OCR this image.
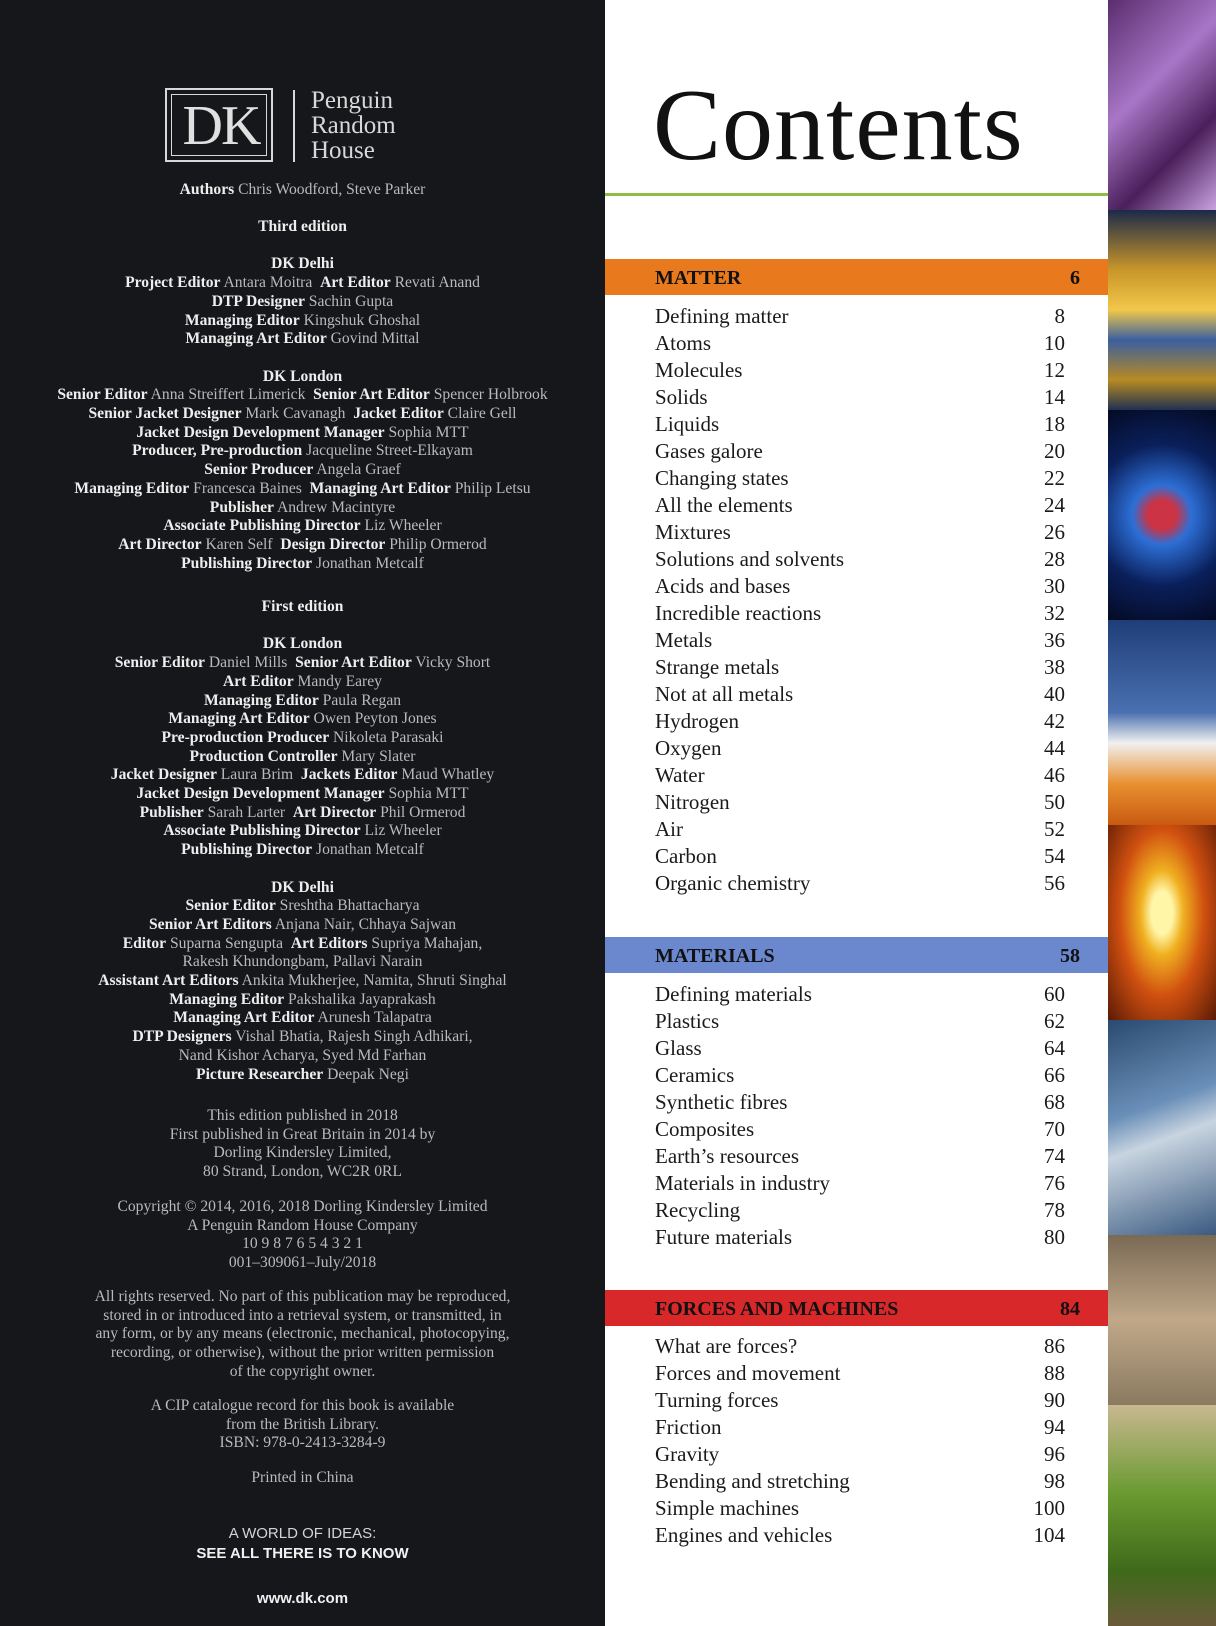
DK	Penguin
Random
House
Authors Chris Woodford, Steve Parker
Third edition

DK Delhi
Project Editor Antara Moitra Art Editor Revati Anand
DTP Designer Sachin Gupta
Managing Editor Kingshuk Ghoshal
Managing Art Editor Govind Mittal

DK London
Senior Editor Anna Streiffert Limerick Senior Art Editor Spencer Holbrook
Senior Jacket Designer Mark Cavanagh Jacket Editor Claire Gell
Jacket Design Development Manager Sophia MTT
Producer, Pre-production Jacqueline Street-Elkayam
Senior Producer Angela Graef
Managing Editor Francesca Baines Managing Art Editor Philip Letsu
Publisher Andrew Macintyre
Associate Publishing Director Liz Wheeler
Art Director Karen Self Design Director Philip Ormerod
Publishing Director Jonathan Metcalf
First edition

DK London
Senior Editor Daniel Mills Senior Art Editor Vicky Short
Art Editor Mandy Earey
Managing Editor Paula Regan
Managing Art Editor Owen Peyton Jones
Pre-production Producer Nikoleta Parasaki
Production Controller Mary Slater
Jacket Designer Laura Brim Jackets Editor Maud Whatley
Jacket Design Development Manager Sophia MTT
Publisher Sarah Larter Art Director Phil Ormerod
Associate Publishing Director Liz Wheeler
Publishing Director Jonathan Metcalf

DK Delhi
Senior Editor Sreshtha Bhattacharya
Senior Art Editors Anjana Nair, Chhaya Sajwan
Editor Suparna Sengupta Art Editors Supriya Mahajan,
Rakesh Khundongbam, Pallavi Narain
Assistant Art Editors Ankita Mukherjee, Namita, Shruti Singhal
Managing Editor Pakshalika Jayaprakash
Managing Art Editor Arunesh Talapatra
DTP Designers Vishal Bhatia, Rajesh Singh Adhikari,
Nand Kishor Acharya, Syed Md Farhan
Picture Researcher Deepak Negi
This edition published in 2018
First published in Great Britain in 2014 by
Dorling Kindersley Limited,
80 Strand, London, WC2R 0RL
Copyright © 2014, 2016, 2018 Dorling Kindersley Limited
A Penguin Random House Company
10 9 8 7 6 5 4 3 2 1
001–309061–July/2018
All rights reserved. No part of this publication may be reproduced,
stored in or introduced into a retrieval system, or transmitted, in
any form, or by any means (electronic, mechanical, photocopying,
recording, or otherwise), without the prior written permission
of the copyright owner.
A CIP catalogue record for this book is available
from the British Library.
ISBN: 978-0-2413-3284-9
Printed in China
A WORLD OF IDEAS:
SEE ALL THERE IS TO KNOW
www.dk.com
Contents
MATTER	6
Defining matter	8
Atoms	10
Molecules	12
Solids	14
Liquids	18
Gases galore	20
Changing states	22
All the elements	24
Mixtures	26
Solutions and solvents	28
Acids and bases	30
Incredible reactions	32
Metals	36
Strange metals	38
Not at all metals	40
Hydrogen	42
Oxygen	44
Water	46
Nitrogen	50
Air	52
Carbon	54
Organic chemistry	56
MATERIALS	58
Defining materials	60
Plastics	62
Glass	64
Ceramics	66
Synthetic fibres	68
Composites	70
Earth’s resources	74
Materials in industry	76
Recycling	78
Future materials	80
FORCES AND MACHINES	84
What are forces?	86
Forces and movement	88
Turning forces	90
Friction	94
Gravity	96
Bending and stretching	98
Simple machines	100
Engines and vehicles	104
